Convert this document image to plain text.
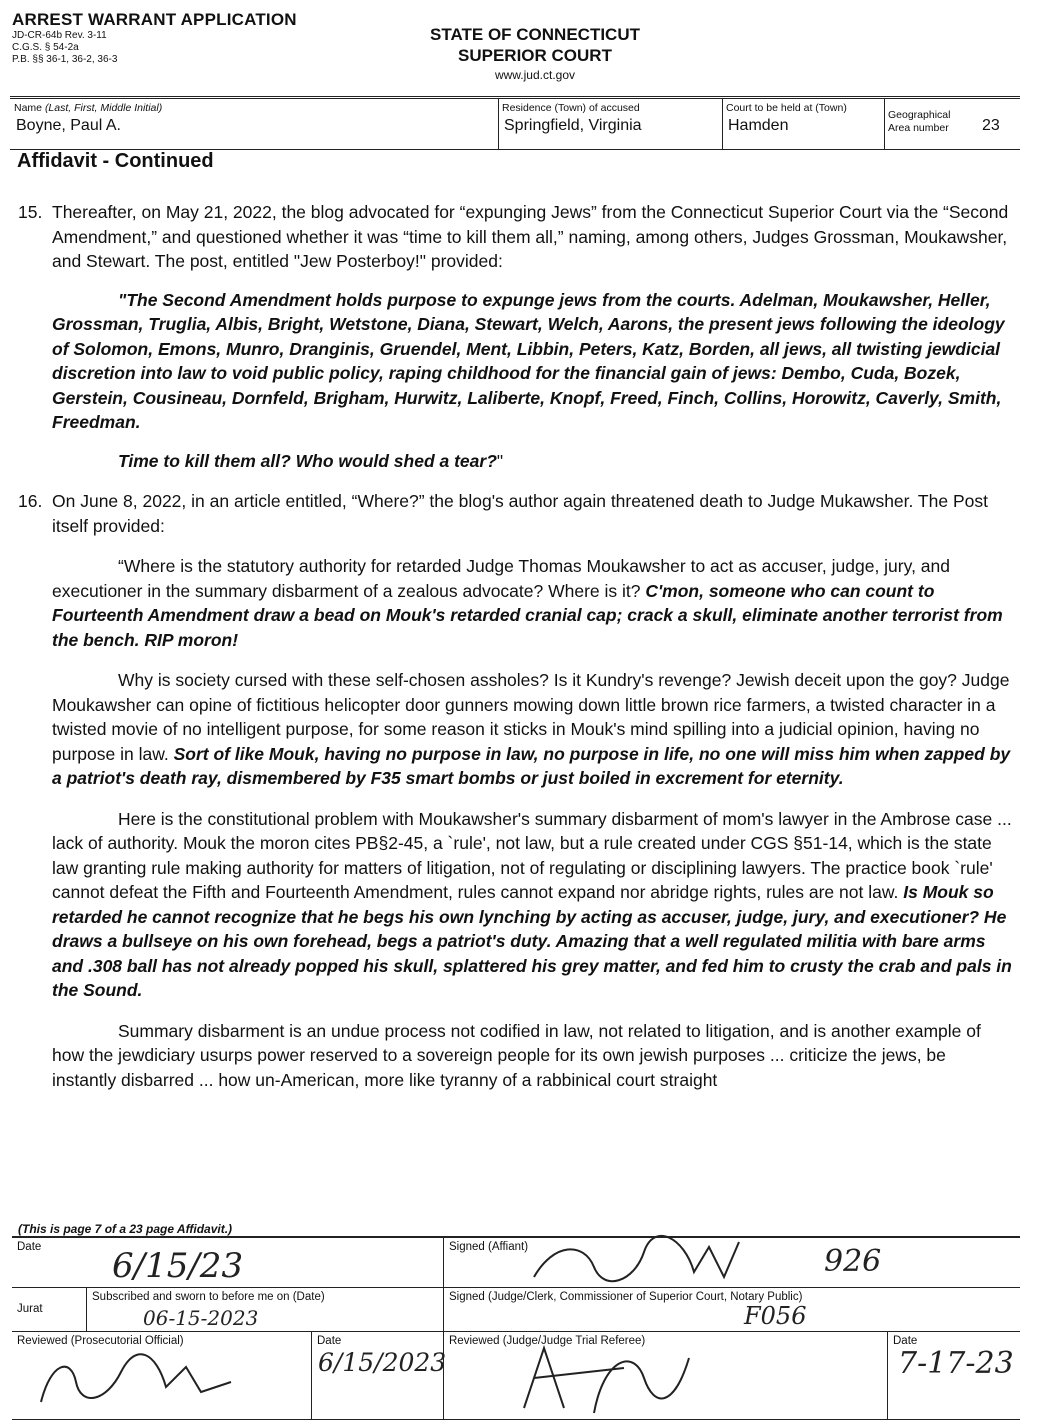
ARREST WARRANT APPLICATION
JD-CR-64b Rev. 3-11
C.G.S. § 54-2a
P.B. §§ 36-1, 36-2, 36-3
STATE OF CONNECTICUT
SUPERIOR COURT
www.jud.ct.gov
Name (Last, First, Middle Initial)
Boyne, Paul A.
Residence (Town) of accused
Springfield, Virginia
Court to be held at (Town)
Hamden
Geographical
Area number 23
Affidavit - Continued
15. Thereafter, on May 21, 2022, the blog advocated for “expunging Jews” from the Connecticut Superior Court via the “Second Amendment,” and questioned whether it was “time to kill them all,” naming, among others, Judges Grossman, Moukawsher, and Stewart. The post, entitled "Jew Posterboy!" provided:
"The Second Amendment holds purpose to expunge jews from the courts. Adelman, Moukawsher, Heller, Grossman, Truglia, Albis, Bright, Wetstone, Diana, Stewart, Welch, Aarons, the present jews following the ideology of Solomon, Emons, Munro, Dranginis, Gruendel, Ment, Libbin, Peters, Katz, Borden, all jews, all twisting jewdicial discretion into law to void public policy, raping childhood for the financial gain of jews: Dembo, Cuda, Bozek, Gerstein, Cousineau, Dornfeld, Brigham, Hurwitz, Laliberte, Knopf, Freed, Finch, Collins, Horowitz, Caverly, Smith, Freedman.
Time to kill them all? Who would shed a tear?"
16. On June 8, 2022, in an article entitled, “Where?” the blog's author again threatened death to Judge Mukawsher. The Post itself provided:
“Where is the statutory authority for retarded Judge Thomas Moukawsher to act as accuser, judge, jury, and executioner in the summary disbarment of a zealous advocate? Where is it? C'mon, someone who can count to Fourteenth Amendment draw a bead on Mouk's retarded cranial cap; crack a skull, eliminate another terrorist from the bench. RIP moron!
Why is society cursed with these self-chosen assholes? Is it Kundry's revenge? Jewish deceit upon the goy? Judge Moukawsher can opine of fictitious helicopter door gunners mowing down little brown rice farmers, a twisted character in a twisted movie of no intelligent purpose, for some reason it sticks in Mouk's mind spilling into a judicial opinion, having no purpose in law. Sort of like Mouk, having no purpose in law, no purpose in life, no one will miss him when zapped by a patriot's death ray, dismembered by F35 smart bombs or just boiled in excrement for eternity.
Here is the constitutional problem with Moukawsher's summary disbarment of mom's lawyer in the Ambrose case ... lack of authority. Mouk the moron cites PB§2-45, a `rule', not law, but a rule created under CGS §51-14, which is the state law granting rule making authority for matters of litigation, not of regulating or disciplining lawyers. The practice book `rule' cannot defeat the Fifth and Fourteenth Amendment, rules cannot expand nor abridge rights, rules are not law. Is Mouk so retarded he cannot recognize that he begs his own lynching by acting as accuser, judge, jury, and executioner? He draws a bullseye on his own forehead, begs a patriot's duty. Amazing that a well regulated militia with bare arms and .308 ball has not already popped his skull, splattered his grey matter, and fed him to crusty the crab and pals in the Sound.
Summary disbarment is an undue process not codified in law, not related to litigation, and is another example of how the jewdiciary usurps power reserved to a sovereign people for its own jewish purposes ... criticize the jews, be instantly disbarred ... how un-American, more like tyranny of a rabbinical court straight
(This is page 7 of a 23 page Affidavit.)
Date	6/15/23	Signed (Affiant)	926
Jurat
Subscribed and sworn to before me on (Date)
06-15-2023
Signed (Judge/Clerk, Commissioner of Superior Court, Notary Public)
F056
Reviewed (Prosecutorial Official)	Date
6/15/2023
Reviewed (Judge/Judge Trial Referee)	Date
7-17-23
